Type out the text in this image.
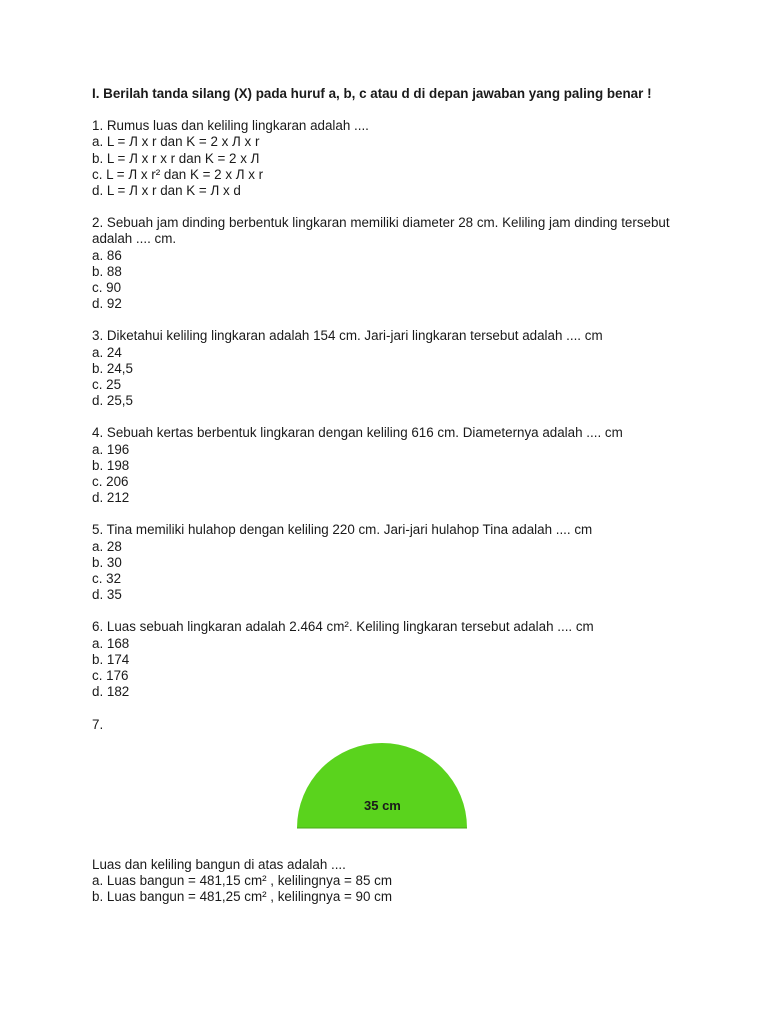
I. Berilah tanda silang (X) pada huruf a, b, c atau d di depan jawaban yang paling benar !
1. Rumus luas dan keliling lingkaran adalah ....
a. L = Л x r dan K = 2 x Л x r
b. L = Л x r x r dan K = 2 x Л
c. L = Л x r² dan K = 2 x Л x r
d. L = Л x r dan K = Л x d
2. Sebuah jam dinding berbentuk lingkaran memiliki diameter 28 cm. Keliling jam dinding tersebut adalah .... cm.
a. 86
b. 88
c. 90
d. 92
3. Diketahui keliling lingkaran adalah 154 cm. Jari-jari lingkaran tersebut adalah .... cm
a. 24
b. 24,5
c. 25
d. 25,5
4. Sebuah kertas berbentuk lingkaran dengan keliling 616 cm. Diameternya adalah .... cm
a. 196
b. 198
c. 206
d. 212
5. Tina memiliki hulahop dengan keliling 220 cm. Jari-jari hulahop Tina adalah .... cm
a. 28
b. 30
c. 32
d. 35
6. Luas sebuah lingkaran adalah 2.464 cm². Keliling lingkaran tersebut adalah .... cm
a. 168
b. 174
c. 176
d. 182
7.
35 cm
Luas dan keliling bangun di atas adalah ....
a. Luas bangun = 481,15 cm² , kelilingnya = 85 cm
b. Luas bangun = 481,25 cm² , kelilingnya = 90 cm
